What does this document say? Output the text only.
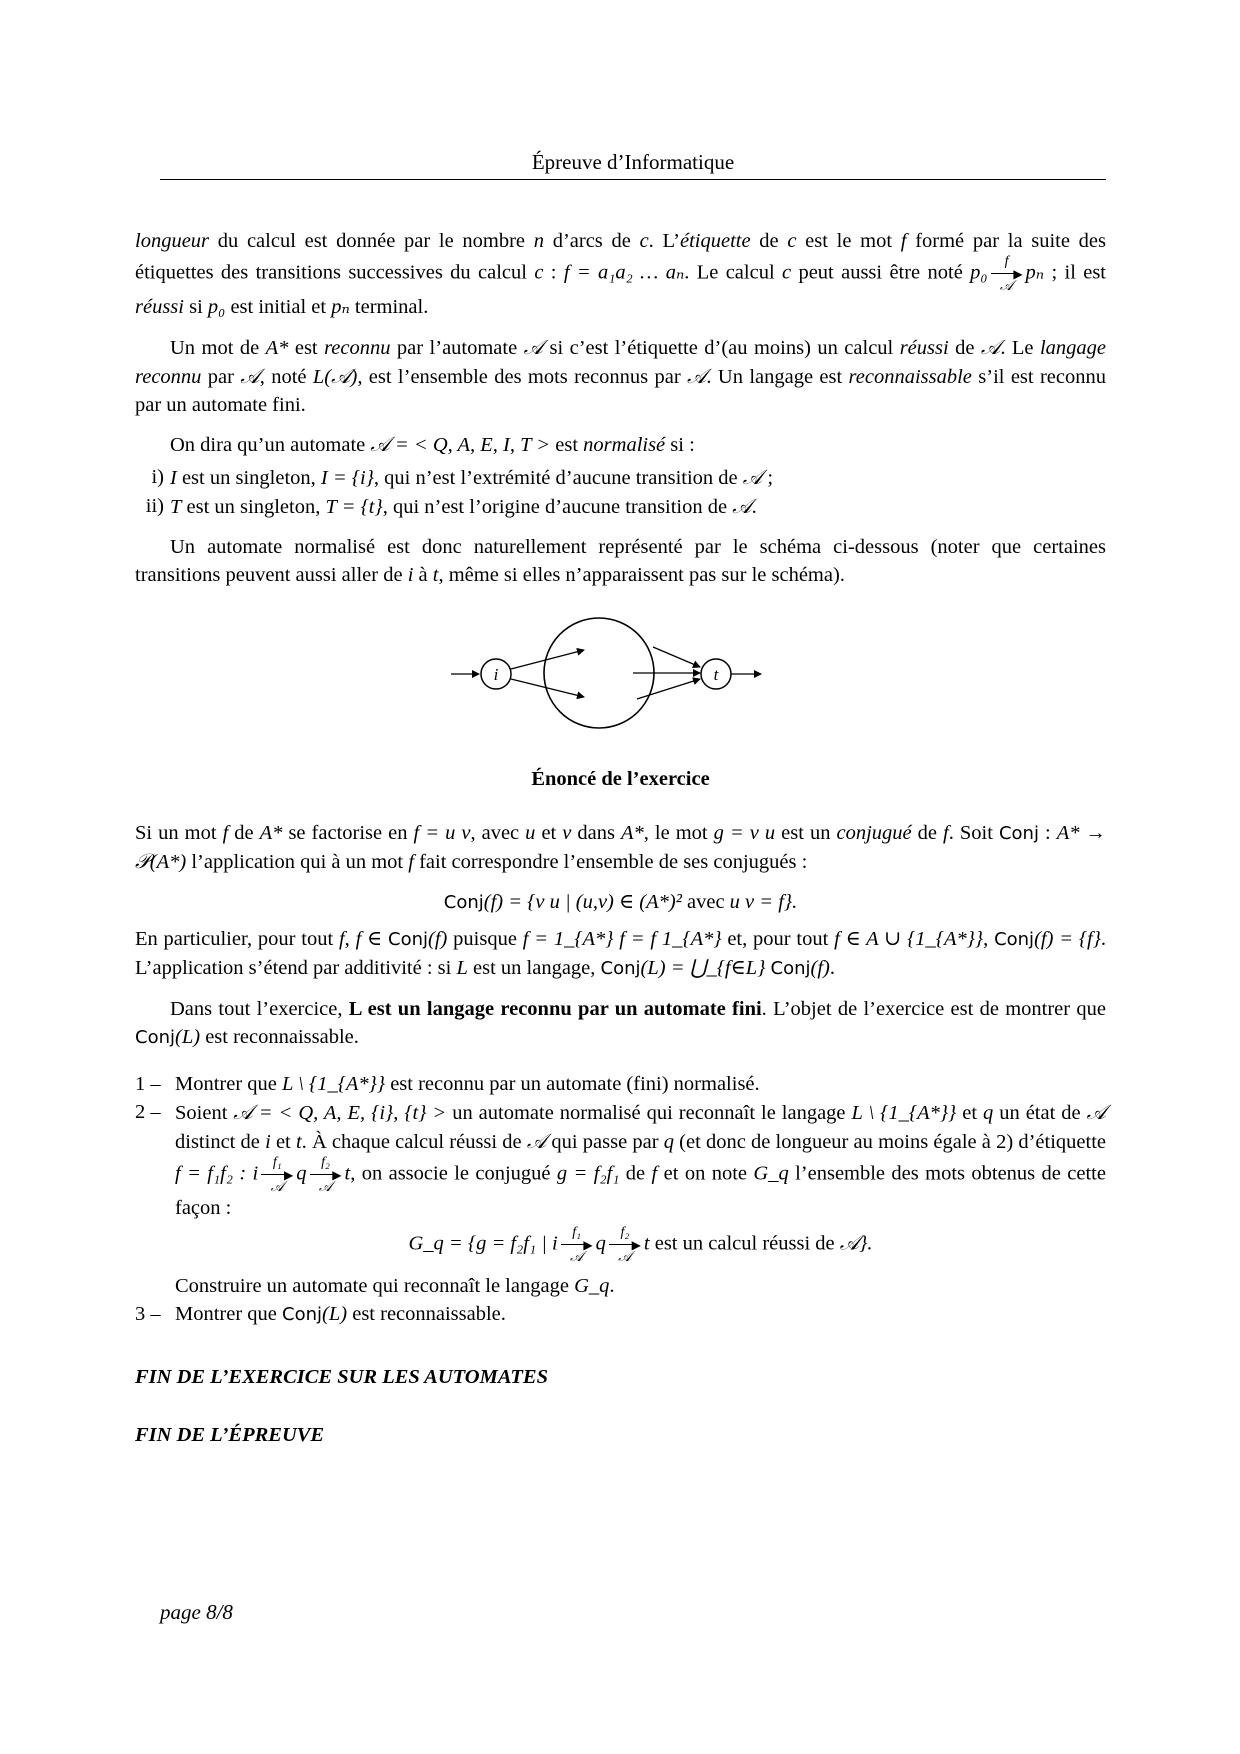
Épreuve d’Informatique

longueur du calcul est donnée par le nombre n d’arcs de c. L’étiquette de c est le mot f formé par la suite des étiquettes des transitions successives du calcul c : f = a₁a₂ … aₙ. Le calcul c peut aussi être noté p₀
f
▶
𝒜
pₙ ; il est réussi si p₀ est initial et pₙ terminal.

Un mot de A* est reconnu par l’automate 𝒜 si c’est l’étiquette d’(au moins) un calcul réussi de 𝒜. Le langage reconnu par 𝒜, noté L(𝒜), est l’ensemble des mots reconnus par 𝒜. Un langage est reconnaissable s’il est reconnu par un automate fini.

On dira qu’un automate 𝒜 = < Q, A, E, I, T > est normalisé si :

i) I est un singleton, I = {i}, qui n’est l’extrémité d’aucune transition de 𝒜 ;
ii) T est un singleton, T = {t}, qui n’est l’origine d’aucune transition de 𝒜.

Un automate normalisé est donc naturellement représenté par le schéma ci-dessous (noter que certaines transitions peuvent aussi aller de i à t, même si elles n’apparaissent pas sur le schéma).

i	t
Énoncé de l’exercice

Si un mot f de A* se factorise en f = u v, avec u et v dans A*, le mot g = v u est un conjugué de f. Soit Conj : A* → 𝒫(A*) l’application qui à un mot f fait correspondre l’ensemble de ses conjugués :

Conj(f) = {v u | (u,v) ∈ (A*)² avec u v = f}.

En particulier, pour tout f, f ∈ Conj(f) puisque f = 1_{A*} f = f 1_{A*} et, pour tout f ∈ A ∪ {1_{A*}}, Conj(f) = {f}. L’application s’étend par additivité : si L est un langage, Conj(L) = ⋃_{f∈L} Conj(f).

Dans tout l’exercice, L est un langage reconnu par un automate fini. L’objet de l’exercice est de montrer que Conj(L) est reconnaissable.

1 – Montrer que L \ {1_{A*}} est reconnu par un automate (fini) normalisé.
2 – Soient 𝒜 = < Q, A, E, {i}, {t} > un automate normalisé qui reconnaît le langage L \ {1_{A*}} et q un état de 𝒜 distinct de i et t. À chaque calcul réussi de 𝒜 qui passe par q (et donc de longueur au moins égale à 2) d’étiquette f = f₁f₂ : i
f₁
▶
𝒜
q
f₂
▶
𝒜
t, on associe le conjugué g = f₂f₁ de f et on note G_q l’ensemble des mots obtenus de cette façon :
G_q = {g = f₂f₁ | i
f₁
▶
𝒜
q
f₂
▶
𝒜
t est un calcul réussi de 𝒜}.
Construire un automate qui reconnaît le langage G_q.
3 – Montrer que Conj(L) est reconnaissable.

FIN DE L’EXERCICE SUR LES AUTOMATES

FIN DE L’ÉPREUVE

page 8/8
